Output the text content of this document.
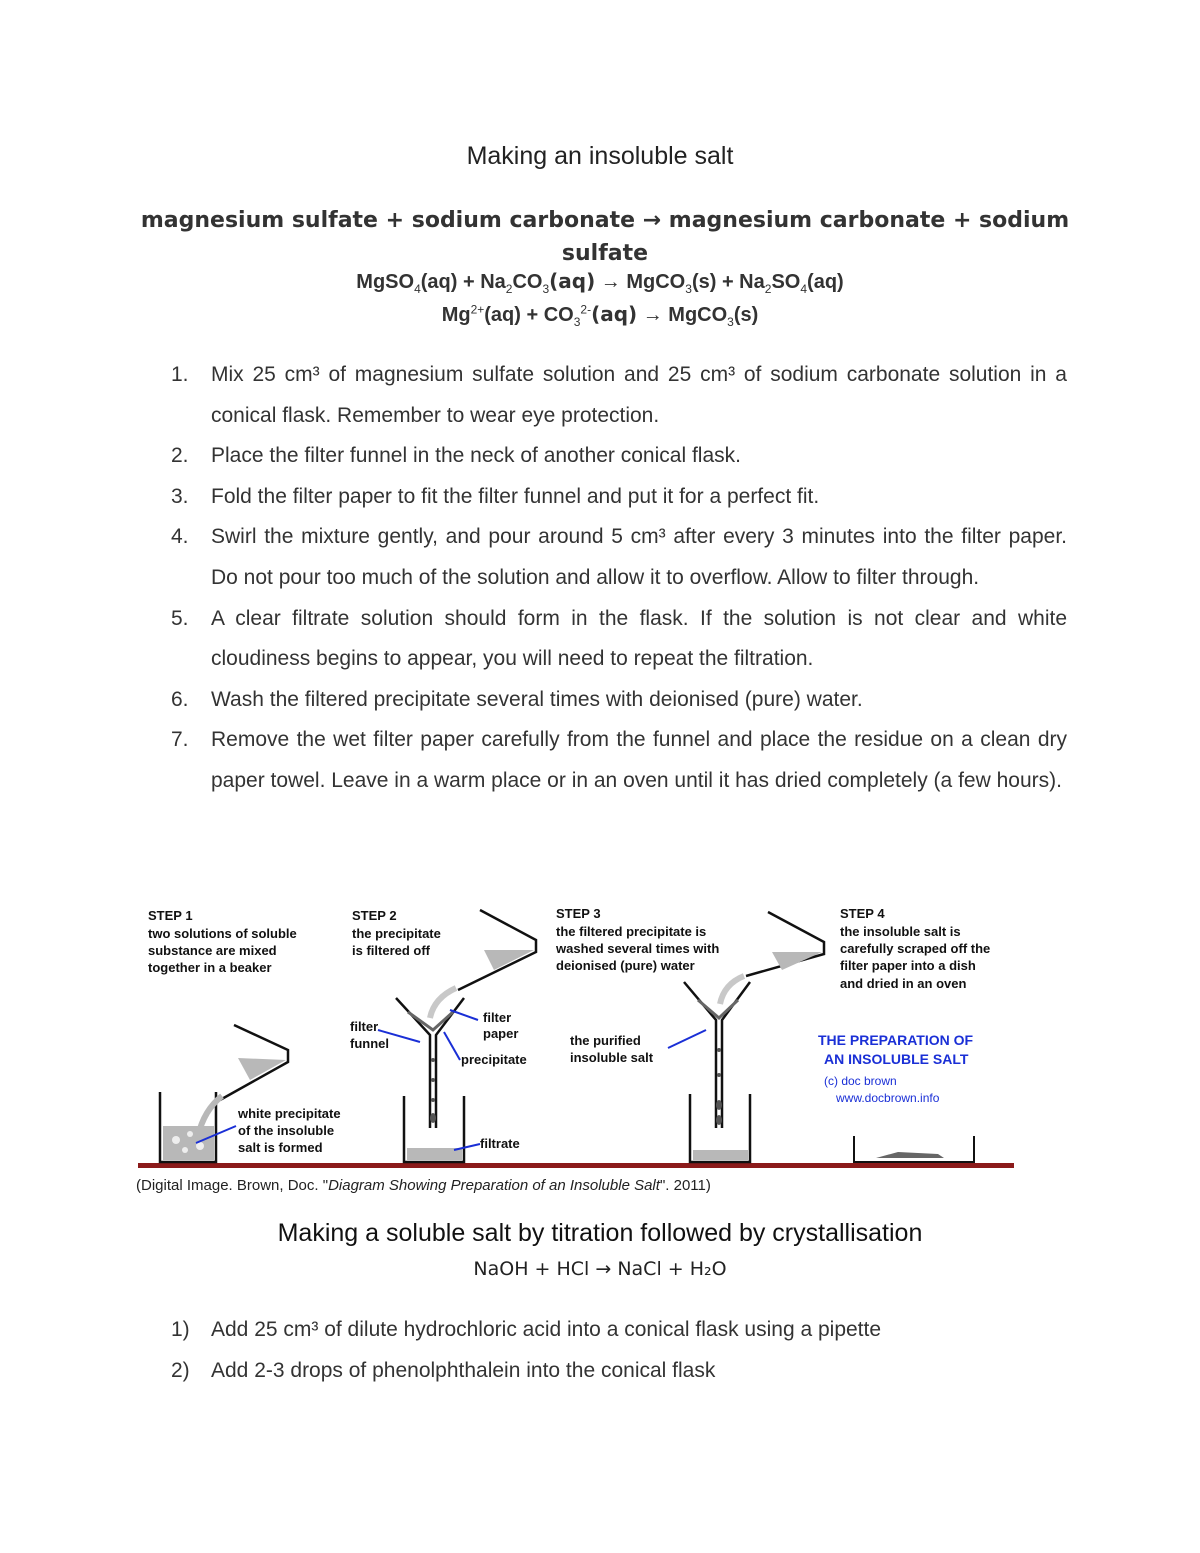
Making an insoluble salt
magnesium sulfate + sodium carbonate → magnesium carbonate + sodium sulfate
MgSO$_4$(aq) + $Na_2CO_3(aq)$ → MgCO$_3$(s) + $Na_2SO_4(aq)$
$Mg^{2+}(aq) + CO_3^{2-}(aq)$ → MgCO$_3$(s)
1. Mix 25 cm³ of magnesium sulfate solution and 25 cm³ of sodium carbonate solution in a conical flask. Remember to wear eye protection.
2. Place the filter funnel in the neck of another conical flask.
3. Fold the filter paper to fit the filter funnel and put it for a perfect fit.
4. Swirl the mixture gently, and pour around 5 cm³ after every 3 minutes into the filter paper. Do not pour too much of the solution and allow it to overflow. Allow to filter through.
5. A clear filtrate solution should form in the flask. If the solution is not clear and white cloudiness begins to appear, you will need to repeat the filtration.
6. Wash the filtered precipitate several times with deionised (pure) water.
7. Remove the wet filter paper carefully from the funnel and place the residue on a clean dry paper towel. Leave in a warm place or in an oven until it has dried completely (a few hours).
STEP 1
two solutions of soluble
substance are mixed
together in a beaker
STEP 2
the precipitate
is filtered off
STEP 3
the filtered precipitate is
washed several times with
deionised (pure) water
STEP 4
the insoluble salt is
carefully scraped off the
filter paper into a dish
and dried in an oven
white precipitate
of the insoluble
salt is formed
filter
funnel
filter
paper
precipitate
filtrate
the purified
insoluble salt
THE PREPARATION OF
AN INSOLUBLE SALT
(c) doc brown
www.docbrown.info
(Digital Image. Brown, Doc. "Diagram Showing Preparation of an Insoluble Salt". 2011)
Making a soluble salt by titration followed by crystallisation
NaOH + HCl → NaCl + H₂O
1) Add 25 cm³ of dilute hydrochloric acid into a conical flask using a pipette
2) Add 2-3 drops of phenolphthalein into the conical flask
